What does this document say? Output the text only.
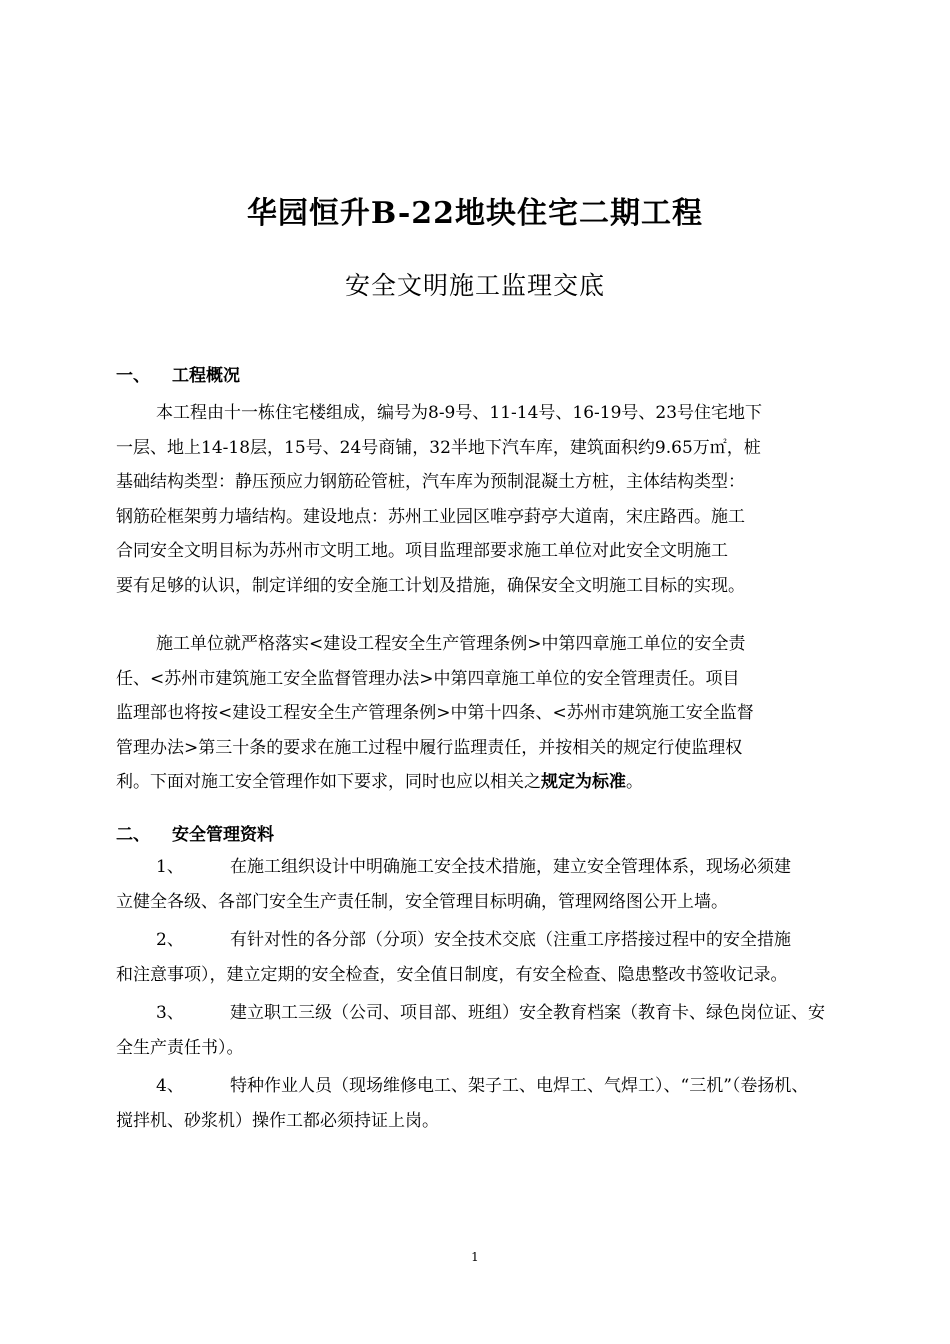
华园恒升B-22地块住宅二期工程
安全文明施工监理交底
一、 工程概况
本工程由十一栋住宅楼组成，编号为8-9号、11-14号、16-19号、23号住宅地下
一层、地上14-18层，15号、24号商铺，32半地下汽车库，建筑面积约9.65万㎡，桩
基础结构类型：静压预应力钢筋砼管桩，汽车库为预制混凝土方桩，主体结构类型：
钢筋砼框架剪力墙结构。建设地点：苏州工业园区唯亭葑亭大道南，宋庄路西。施工
合同安全文明目标为苏州市文明工地。项目监理部要求施工单位对此安全文明施工
要有足够的认识，制定详细的安全施工计划及措施，确保安全文明施工目标的实现。
施工单位就严格落实<建设工程安全生产管理条例>中第四章施工单位的安全责
任、<苏州市建筑施工安全监督管理办法>中第四章施工单位的安全管理责任。项目
监理部也将按<建设工程安全生产管理条例>中第十四条、<苏州市建筑施工安全监督
管理办法>第三十条的要求在施工过程中履行监理责任，并按相关的规定行使监理权
利。下面对施工安全管理作如下要求，同时也应以相关之规定为标准。
二、 安全管理资料
1、	在施工组织设计中明确施工安全技术措施，建立安全管理体系，现场必须建
立健全各级、各部门安全生产责任制，安全管理目标明确，管理网络图公开上墙。
2、	有针对性的各分部（分项）安全技术交底（注重工序搭接过程中的安全措施
和注意事项），建立定期的安全检查，安全值日制度，有安全检查、隐患整改书签收记录。
3、	建立职工三级（公司、项目部、班组）安全教育档案（教育卡、绿色岗位证、安
全生产责任书）。
4、	特种作业人员（现场维修电工、架子工、电焊工、气焊工）、“三机”（卷扬机、
搅拌机、砂浆机）操作工都必须持证上岗。
1
